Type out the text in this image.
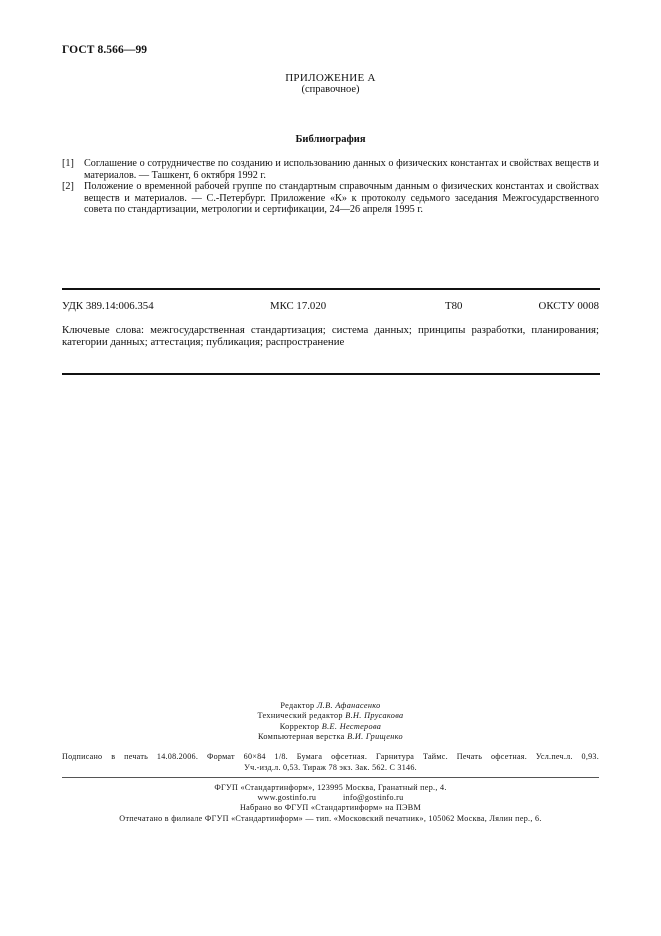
ГОСТ 8.566—99
ПРИЛОЖЕНИЕ А
(справочное)
Библиография

[1] Соглашение о сотрудничестве по созданию и использованию данных о физических константах и свойствах веществ и материалов. — Ташкент, 6 октября 1992 г.

[2] Положение о временной рабочей группе по стандартным справочным данным о физических константах и свойствах веществ и материалов. — С.-Петербург. Приложение «К» к протоколу седьмого заседания Межгосударственного совета по стандартизации, метрологии и сертификации, 24—26 апреля 1995 г.

УДК 389.14:006.354	МКС 17.020	Т80	ОКСТУ 0008
Ключевые слова: межгосударственная стандартизация; система данных; принципы разработки, планирования; категории данных; аттестация; публикация; распространение
Редактор Л.В. Афанасенко
Технический редактор В.Н. Прусакова
Корректор В.Е. Нестерова
Компьютерная верстка В.И. Грищенко
Подписано в печать 14.08.2006. Формат 60×84 1/8. Бумага офсетная. Гарнитура Таймс. Печать офсетная. Усл.печ.л. 0,93.
Уч.-изд.л. 0,53. Тираж 78 экз. Зак. 562. С 3146.
ФГУП «Стандартинформ», 123995 Москва, Гранатный пер., 4.
www.gostinfo.ru	info@gostinfo.ru
Набрано во ФГУП «Стандартинформ» на ПЭВМ
Отпечатано в филиале ФГУП «Стандартинформ» — тип. «Московский печатник», 105062 Москва, Лялин пер., 6.
